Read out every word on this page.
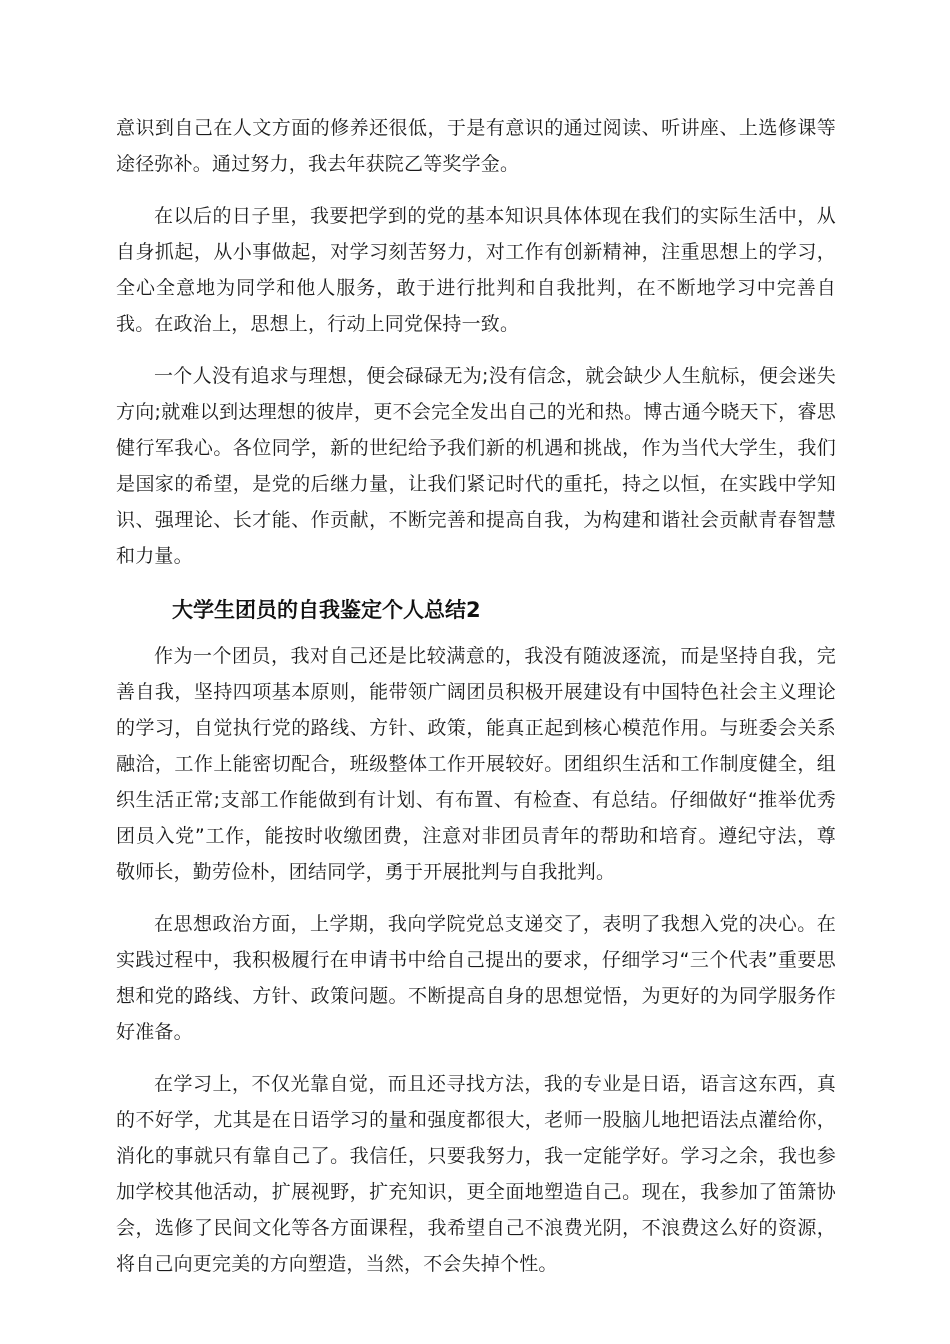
意识到自己在人文方面的修养还很低，于是有意识的通过阅读、听讲座、上选修课等途径弥补。通过努力，我去年获院乙等奖学金。

在以后的日子里，我要把学到的党的基本知识具体体现在我们的实际生活中，从自身抓起，从小事做起，对学习刻苦努力，对工作有创新精神，注重思想上的学习，全心全意地为同学和他人服务，敢于进行批判和自我批判，在不断地学习中完善自我。在政治上，思想上，行动上同党保持一致。

一个人没有追求与理想，便会碌碌无为;没有信念，就会缺少人生航标，便会迷失方向;就难以到达理想的彼岸，更不会完全发出自己的光和热。博古通今晓天下，睿思健行军我心。各位同学，新的世纪给予我们新的机遇和挑战，作为当代大学生，我们是国家的希望，是党的后继力量，让我们紧记时代的重托，持之以恒，在实践中学知识、强理论、长才能、作贡献，不断完善和提高自我，为构建和谐社会贡献青春智慧和力量。

大学生团员的自我鉴定个人总结2

作为一个团员，我对自己还是比较满意的，我没有随波逐流，而是坚持自我，完善自我，坚持四项基本原则，能带领广阔团员积极开展建设有中国特色社会主义理论的学习，自觉执行党的路线、方针、政策，能真正起到核心模范作用。与班委会关系融洽，工作上能密切配合，班级整体工作开展较好。团组织生活和工作制度健全，组织生活正常;支部工作能做到有计划、有布置、有检查、有总结。仔细做好“推举优秀团员入党”工作，能按时收缴团费，注意对非团员青年的帮助和培育。遵纪守法，尊敬师长，勤劳俭朴，团结同学，勇于开展批判与自我批判。

在思想政治方面，上学期，我向学院党总支递交了，表明了我想入党的决心。在实践过程中，我积极履行在申请书中给自己提出的要求，仔细学习“三个代表”重要思想和党的路线、方针、政策问题。不断提高自身的思想觉悟，为更好的为同学服务作好准备。

在学习上，不仅光靠自觉，而且还寻找方法，我的专业是日语，语言这东西，真的不好学，尤其是在日语学习的量和强度都很大，老师一股脑儿地把语法点灌给你，消化的事就只有靠自己了。我信任，只要我努力，我一定能学好。学习之余，我也参加学校其他活动，扩展视野，扩充知识，更全面地塑造自己。现在，我参加了笛箫协会，选修了民间文化等各方面课程，我希望自己不浪费光阴，不浪费这么好的资源，将自己向更完美的方向塑造，当然，不会失掉个性。
